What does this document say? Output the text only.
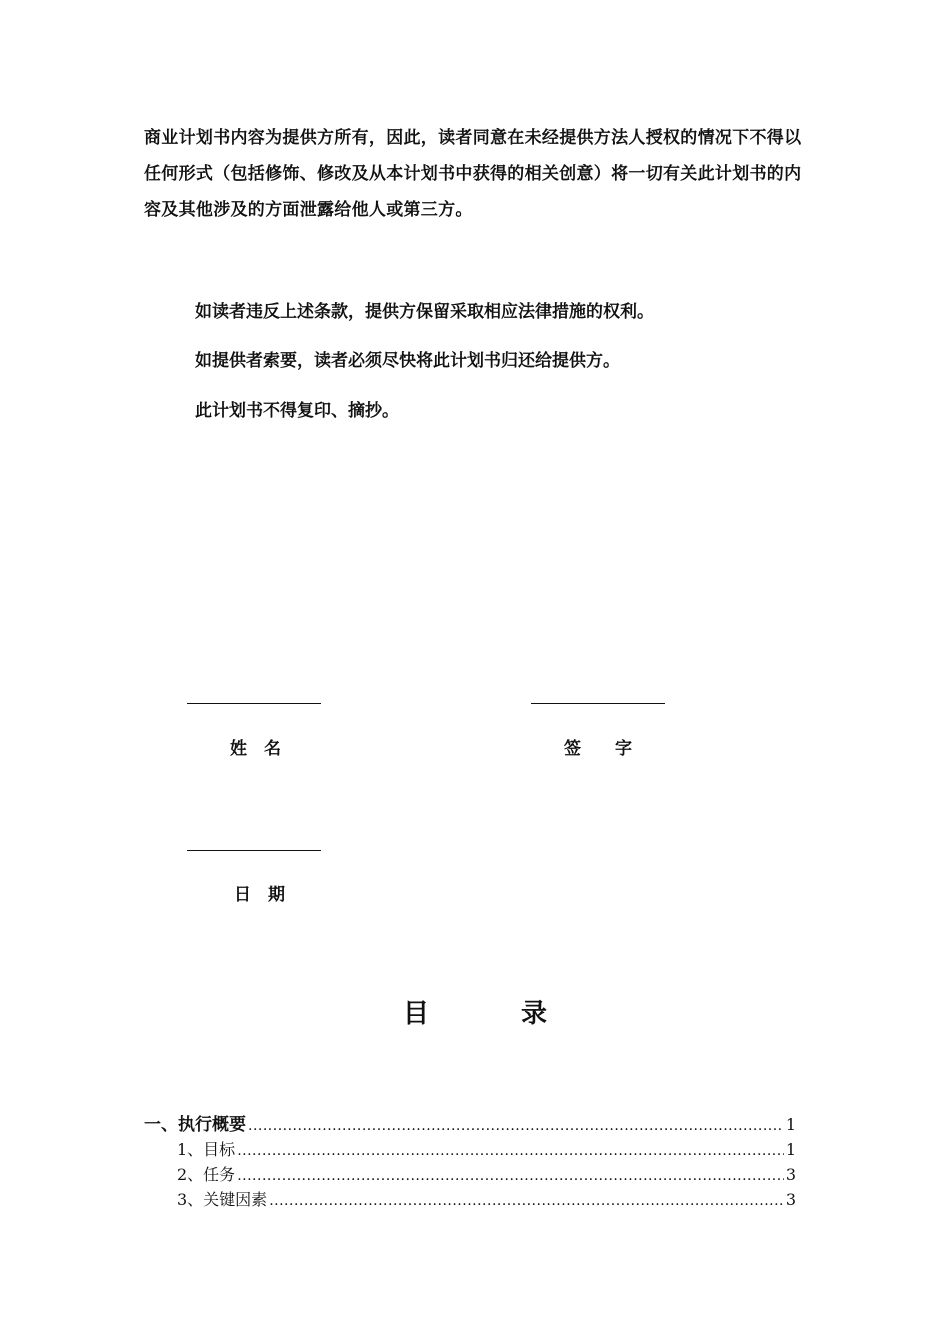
商业计划书内容为提供方所有，因此，读者同意在未经提供方法人授权的情况下不得以任何形式（包括修饰、修改及从本计划书中获得的相关创意）将一切有关此计划书的内容及其他涉及的方面泄露给他人或第三方。

如读者违反上述条款，提供方保留采取相应法律措施的权利。

如提供者索要，读者必须尽快将此计划书归还给提供方。

此计划书不得复印、摘抄。

姓　名	签　　字
日　期
目录
一、执行概要 .....	1
1、目标 .....	1
2、任务 .....	3
3、关键因素 .....	3
